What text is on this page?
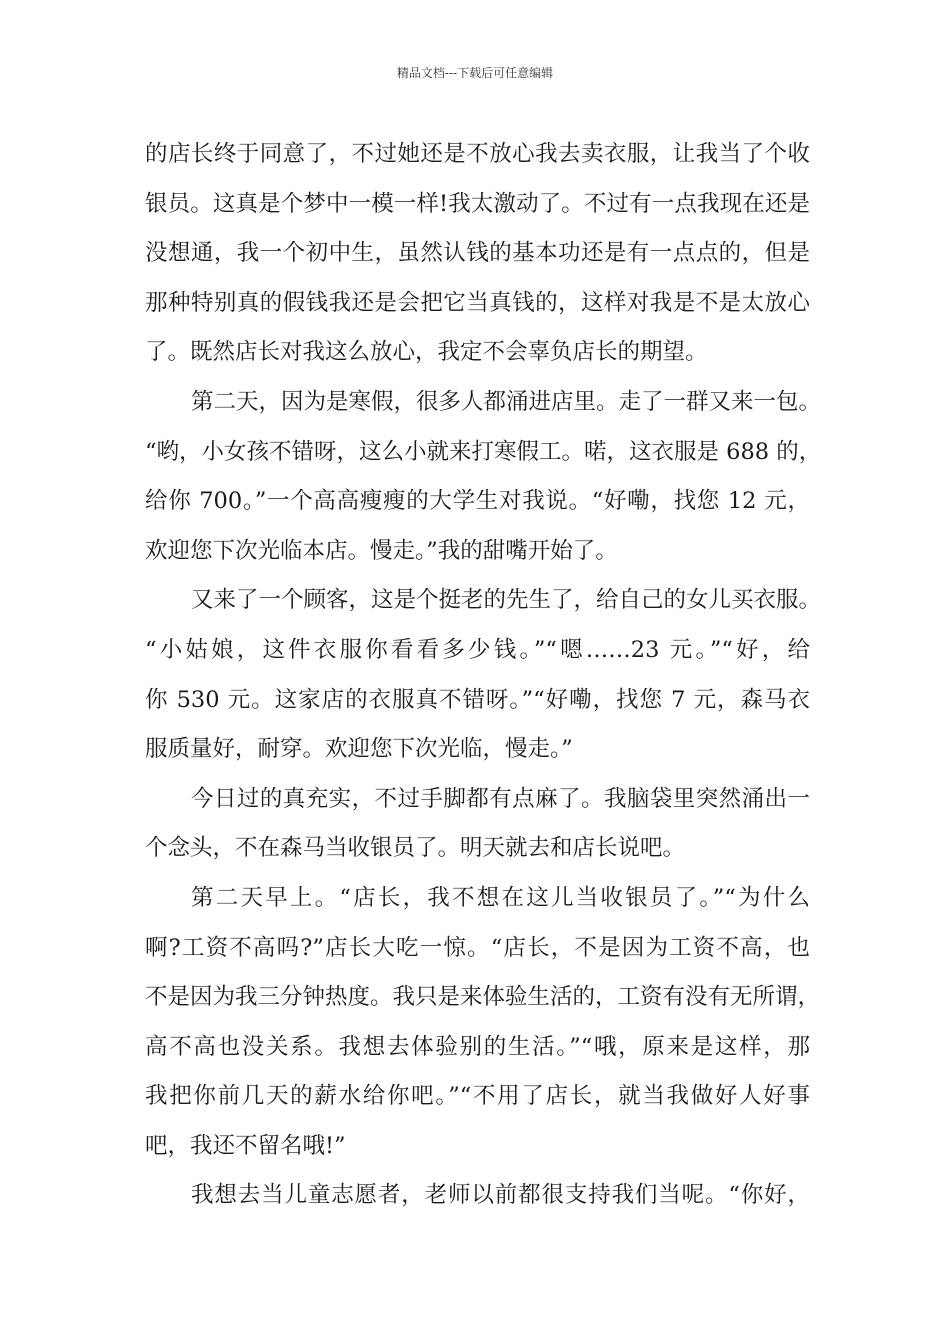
精品文档---下载后可任意编辑
的店长终于同意了，不过她还是不放心我去卖衣服，让我当了个收
银员。这真是个梦中一模一样!我太激动了。不过有一点我现在还是
没想通，我一个初中生，虽然认钱的基本功还是有一点点的，但是
那种特别真的假钱我还是会把它当真钱的，这样对我是不是太放心
了。既然店长对我这么放心，我定不会辜负店长的期望。
第二天，因为是寒假，很多人都涌进店里。走了一群又来一包。
“哟，小女孩不错呀，这么小就来打寒假工。喏，这衣服是 688 的，
给你 700。”一个高高瘦瘦的大学生对我说。“好嘞，找您 12 元，
欢迎您下次光临本店。慢走。”我的甜嘴开始了。
又来了一个顾客，这是个挺老的先生了，给自己的女儿买衣服。
“小姑娘，这件衣服你看看多少钱。”“嗯……23 元。”“好，给
你 530 元。这家店的衣服真不错呀。”“好嘞，找您 7 元，森马衣
服质量好，耐穿。欢迎您下次光临，慢走。”
今日过的真充实，不过手脚都有点麻了。我脑袋里突然涌出一
个念头，不在森马当收银员了。明天就去和店长说吧。
第二天早上。“店长，我不想在这儿当收银员了。”“为什么
啊?工资不高吗?”店长大吃一惊。“店长，不是因为工资不高，也
不是因为我三分钟热度。我只是来体验生活的，工资有没有无所谓，
高不高也没关系。我想去体验别的生活。”“哦，原来是这样，那
我把你前几天的薪水给你吧。”“不用了店长，就当我做好人好事
吧，我还不留名哦!”
我想去当儿童志愿者，老师以前都很支持我们当呢。“你好，
